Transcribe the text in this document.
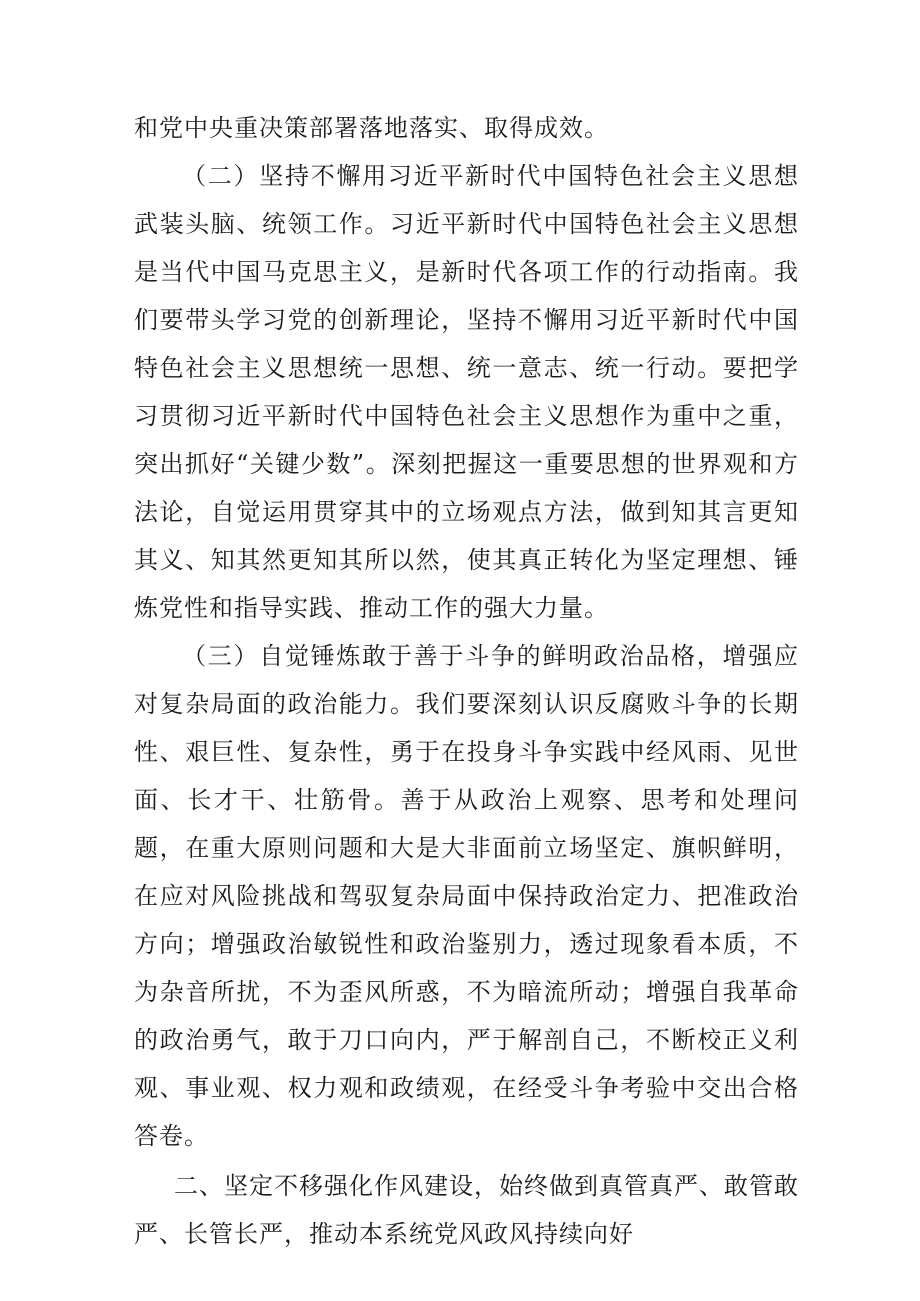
和党中央重决策部署落地落实、取得成效。

（二）坚持不懈用习近平新时代中国特色社会主义思想武装头脑、统领工作。习近平新时代中国特色社会主义思想是当代中国马克思主义，是新时代各项工作的行动指南。我们要带头学习党的创新理论，坚持不懈用习近平新时代中国特色社会主义思想统一思想、统一意志、统一行动。要把学习贯彻习近平新时代中国特色社会主义思想作为重中之重，突出抓好“关键少数”。深刻把握这一重要思想的世界观和方法论，自觉运用贯穿其中的立场观点方法，做到知其言更知其义、知其然更知其所以然，使其真正转化为坚定理想、锤炼党性和指导实践、推动工作的强大力量。

（三）自觉锤炼敢于善于斗争的鲜明政治品格，增强应对复杂局面的政治能力。我们要深刻认识反腐败斗争的长期性、艰巨性、复杂性，勇于在投身斗争实践中经风雨、见世面、长才干、壮筋骨。善于从政治上观察、思考和处理问题，在重大原则问题和大是大非面前立场坚定、旗帜鲜明，在应对风险挑战和驾驭复杂局面中保持政治定力、把准政治方向；增强政治敏锐性和政治鉴别力，透过现象看本质，不为杂音所扰，不为歪风所惑，不为暗流所动；增强自我革命的政治勇气，敢于刀口向内，严于解剖自己，不断校正义利观、事业观、权力观和政绩观，在经受斗争考验中交出合格答卷。

二、坚定不移强化作风建设，始终做到真管真严、敢管敢严、长管长严，推动本系统党风政风持续向好
